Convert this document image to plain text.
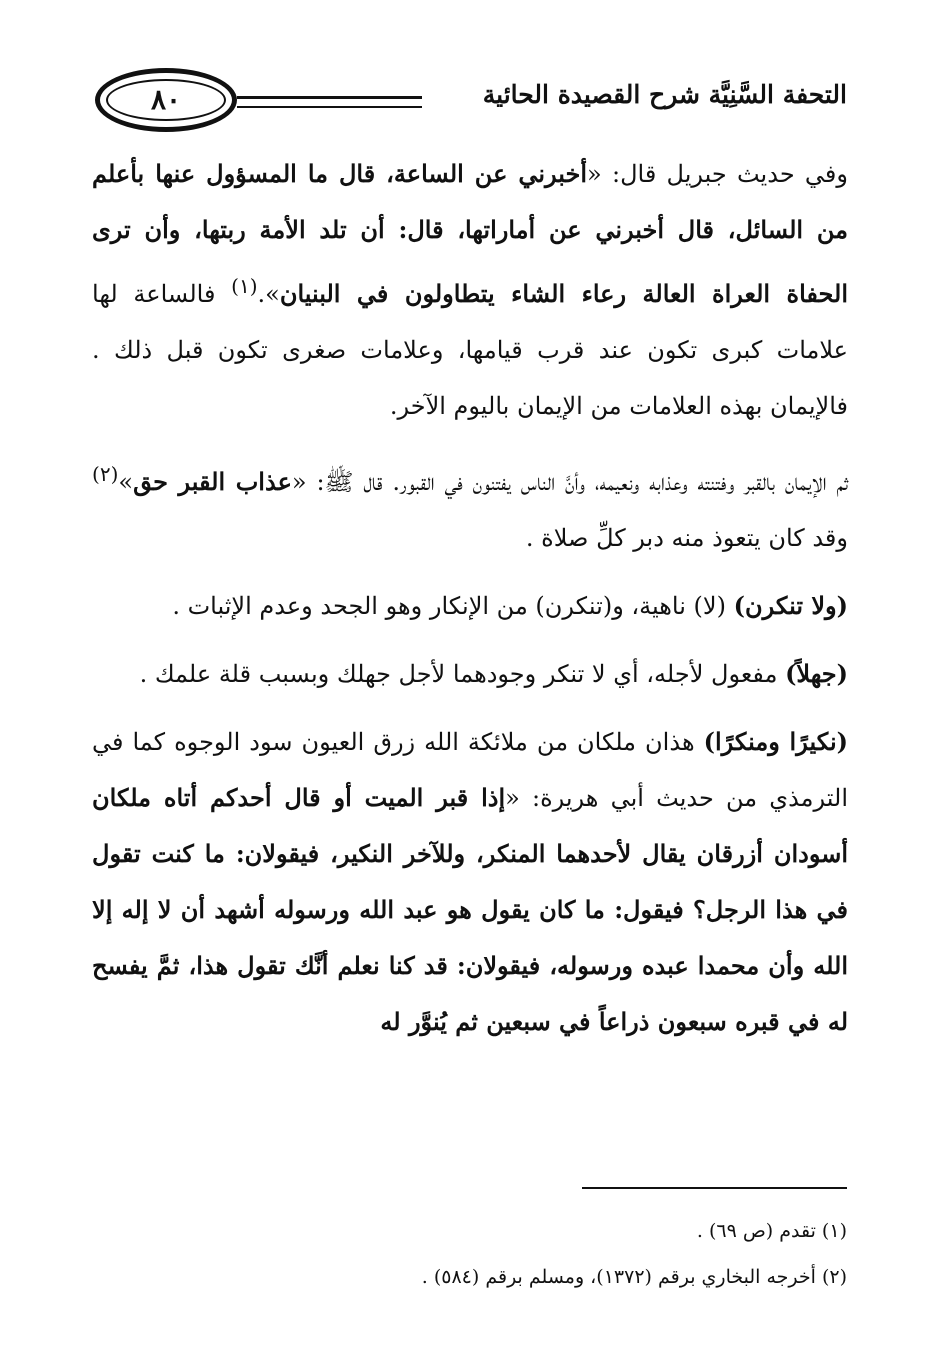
٨٠	التحفة السَّنِيَّة شرح القصيدة الحائية

وفي حديث جبريل قال: «أخبرني عن الساعة، قال ما المسؤول عنها بأعلم من السائل، قال أخبرني عن أماراتها، قال: أن تلد الأمة ربتها، وأن ترى الحفاة العراة العالة رعاء الشاء يتطاولون في البنيان».$^{(١)}$ فالساعة لها علامات كبرى تكون عند قرب قيامها، وعلامات صغرى تكون قبل ذلك . فالإيمان بهذه العلامات من الإيمان باليوم الآخر.

ثم الإيمان بالقبر وفتنته وعذابه ونعيمه، وأنَّ الناس يفتنون في القبور. قال ﷺ: «عذاب القبر حق»$^{(٢)}$ وقد كان يتعوذ منه دبر كلِّ صلاة .

(ولا تنكرن) (لا) ناهية، و(تنكرن) من الإنكار وهو الجحد وعدم الإثبات .

(جهلاً) مفعول لأجله، أي لا تنكر وجودهما لأجل جهلك وبسبب قلة علمك .

(نكيرًا ومنكرًا) هذان ملكان من ملائكة الله زرق العيون سود الوجوه كما في الترمذي من حديث أبي هريرة: «إذا قبر الميت أو قال أحدكم أتاه ملكان أسودان أزرقان يقال لأحدهما المنكر، وللآخر النكير، فيقولان: ما كنت تقول في هذا الرجل؟ فيقول: ما كان يقول هو عبد الله ورسوله أشهد أن لا إله إلا الله وأن محمدا عبده ورسوله، فيقولان: قد كنا نعلم أنَّك تقول هذا، ثمَّ يفسح له في قبره سبعون ذراعاً في سبعين ثم يُنوَّر له

(١) تقدم (ص ٦٩) .
(٢) أخرجه البخاري برقم (١٣٧٢)، ومسلم برقم (٥٨٤) .
